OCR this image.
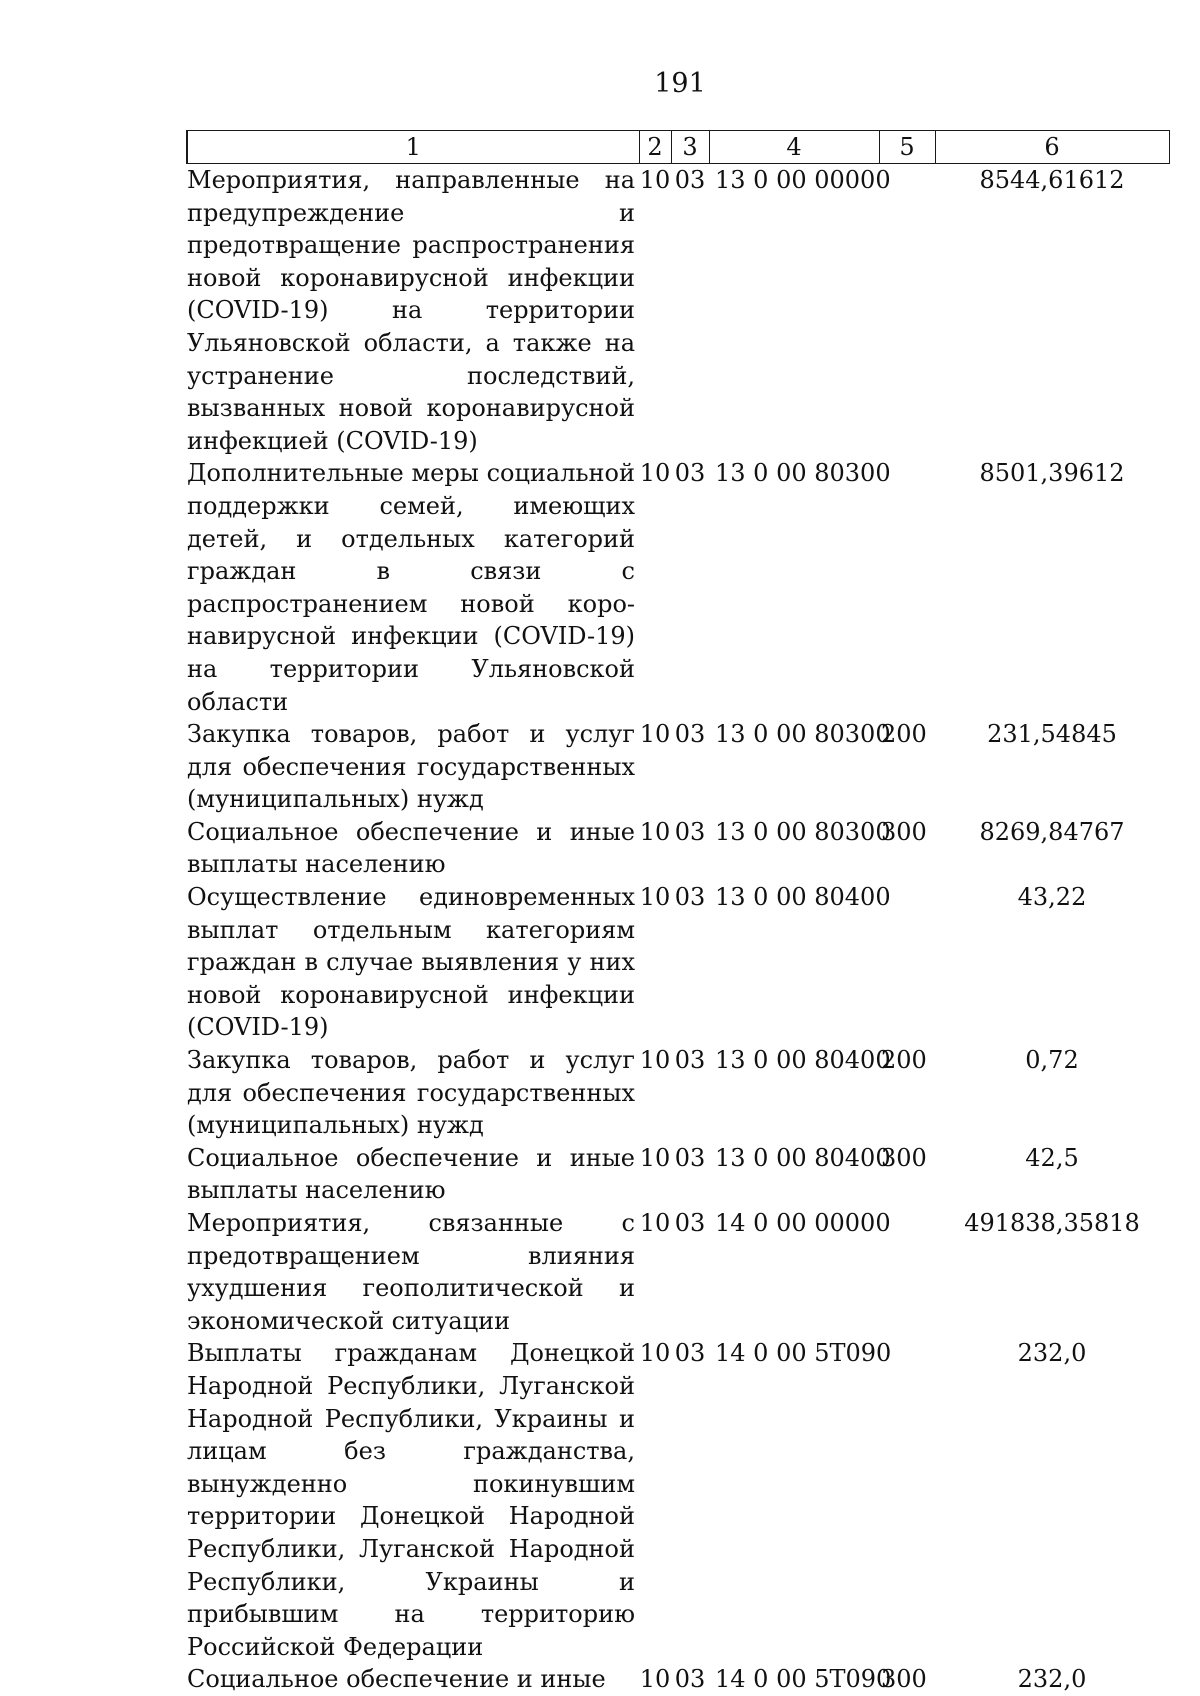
191
1	2	3	4	5	6
Мероприятия, направленные на предупреждение и предотвращение распространения новой коронавирусной инфекции (COVID-19) на территории Ульяновской области, а также на устранение последствий, вызванных новой коронавирусной инфекцией (COVID-19)	10	03	13 0 00 00000		8544,61612
Дополнительные меры социальной поддержки семей, имеющих детей, и отдельных категорий граждан в связи с распространением новой коронавирусной инфекции (COVID-19) на территории Ульяновской области	10	03	13 0 00 80300		8501,39612
Закупка товаров, работ и услуг для обеспечения государственных (муниципальных) нужд	10	03	13 0 00 80300	200	231,54845
Социальное обеспечение и иные выплаты населению	10	03	13 0 00 80300	300	8269,84767
Осуществление единовременных выплат отдельным категориям граждан в случае выявления у них новой коронавирусной инфекции (COVID-19)	10	03	13 0 00 80400		43,22
Закупка товаров, работ и услуг для обеспечения государственных (муниципальных) нужд	10	03	13 0 00 80400	200	0,72
Социальное обеспечение и иные выплаты населению	10	03	13 0 00 80400	300	42,5
Мероприятия, связанные с предотвращением влияния ухудшения геополитической и экономической ситуации	10	03	14 0 00 00000		491838,35818
Выплаты гражданам Донецкой Народной Республики, Луганской Народной Республики, Украины и лицам без гражданства, вынужденно покинувшим территории Донецкой Народной Республики, Луганской Народной Республики, Украины и прибывшим на территорию Российской Федерации	10	03	14 0 00 5Т090		232,0
Социальное обеспечение и иные	10	03	14 0 00 5Т090	300	232,0
